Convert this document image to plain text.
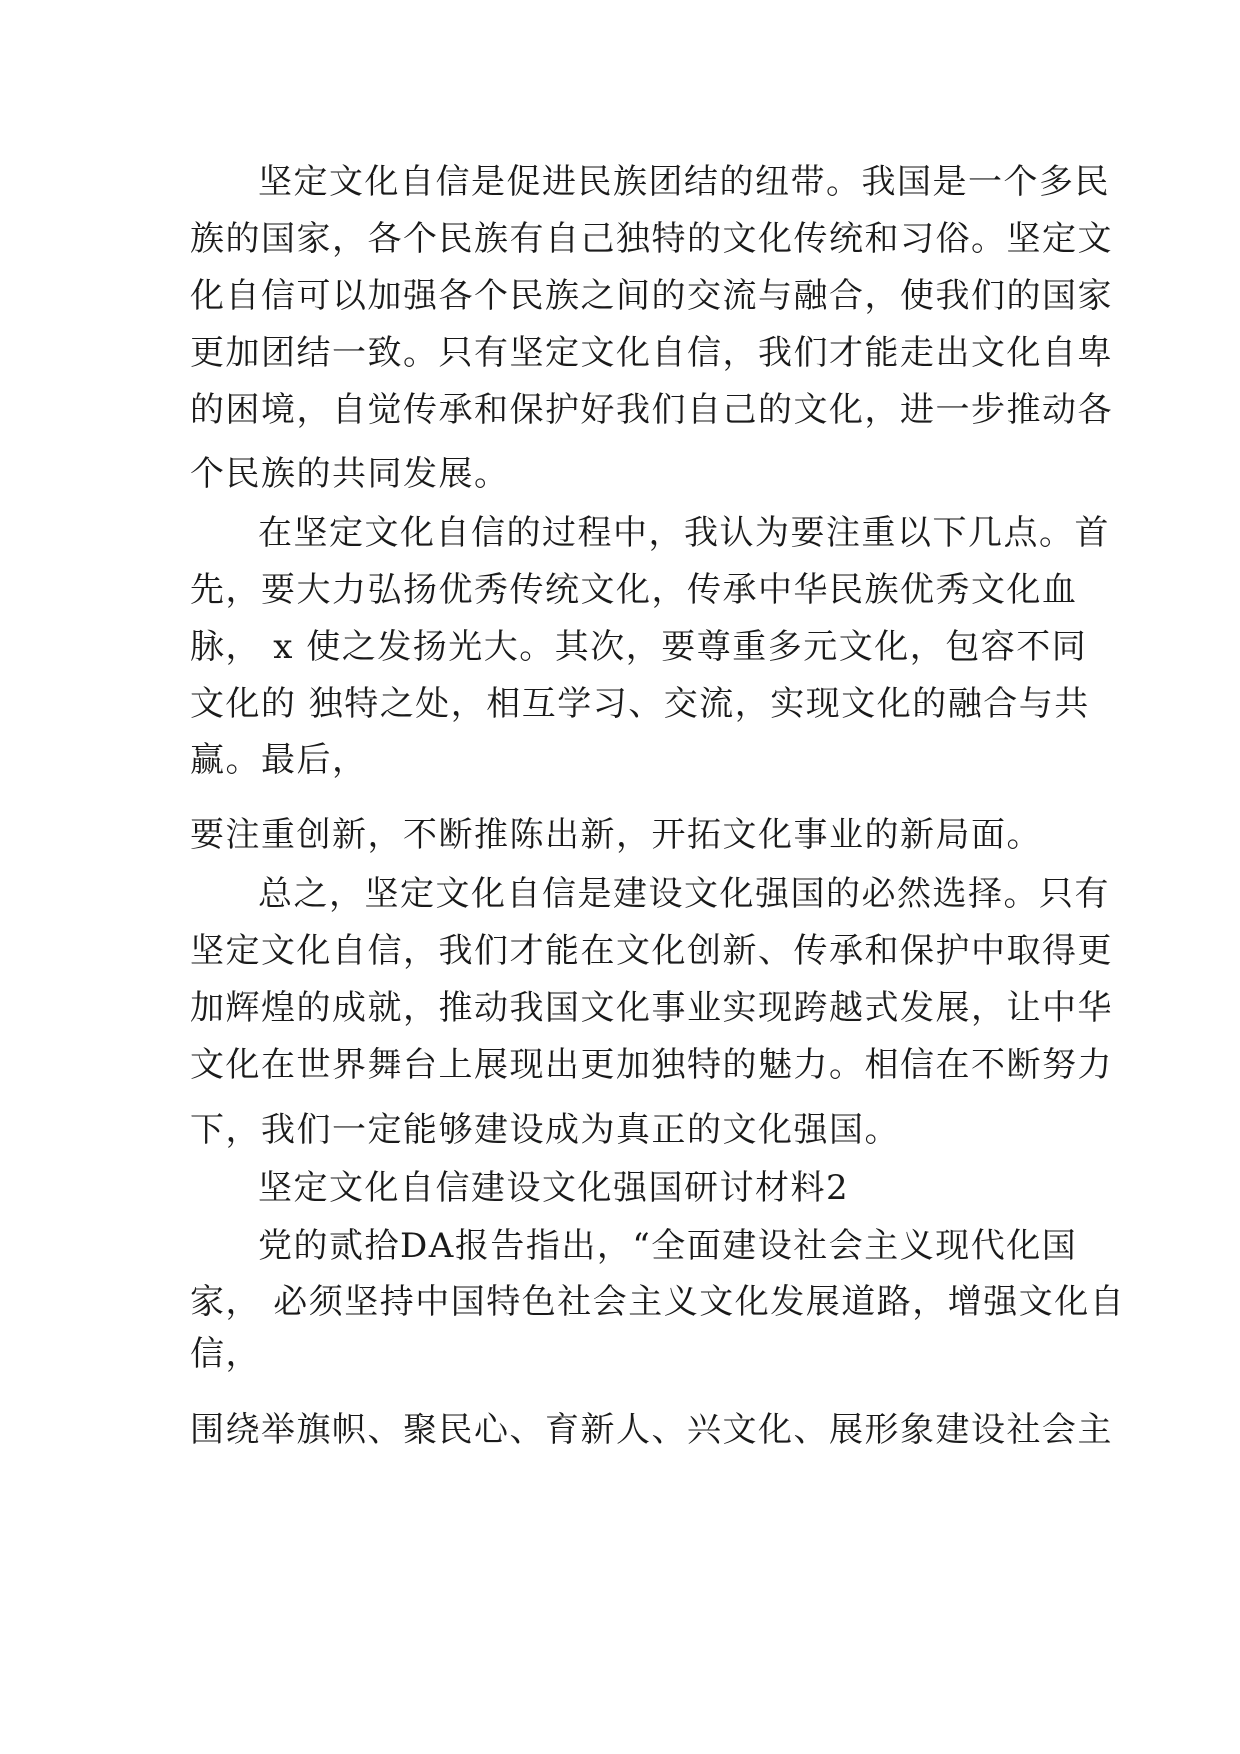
坚定文化自信是促进民族团结的纽带。我国是一个多民
族的国家，各个民族有自己独特的文化传统和习俗。坚定文
化自信可以加强各个民族之间的交流与融合，使我们的国家
更加团结一致。只有坚定文化自信，我们才能走出文化自卑
的困境，自觉传承和保护好我们自己的文化，进一步推动各
个民族的共同发展。
在坚定文化自信的过程中，我认为要注重以下几点。首
先，要大力弘扬优秀传统文化，传承中华民族优秀文化血
脉， x 使之发扬光大。其次，要尊重多元文化，包容不同
文化的 独特之处，相互学习、交流，实现文化的融合与共
赢。最后，
要注重创新，不断推陈出新，开拓文化事业的新局面。
总之，坚定文化自信是建设文化强国的必然选择。只有
坚定文化自信，我们才能在文化创新、传承和保护中取得更
加辉煌的成就，推动我国文化事业实现跨越式发展，让中华
文化在世界舞台上展现出更加独特的魅力。相信在不断努力
下，我们一定能够建设成为真正的文化强国。
坚定文化自信建设文化强国研讨材料2
党的贰拾DA报告指出，“全面建设社会主义现代化国
家， 必须坚持中国特色社会主义文化发展道路，增强文化自
信，
围绕举旗帜、聚民心、育新人、兴文化、展形象建设社会主
